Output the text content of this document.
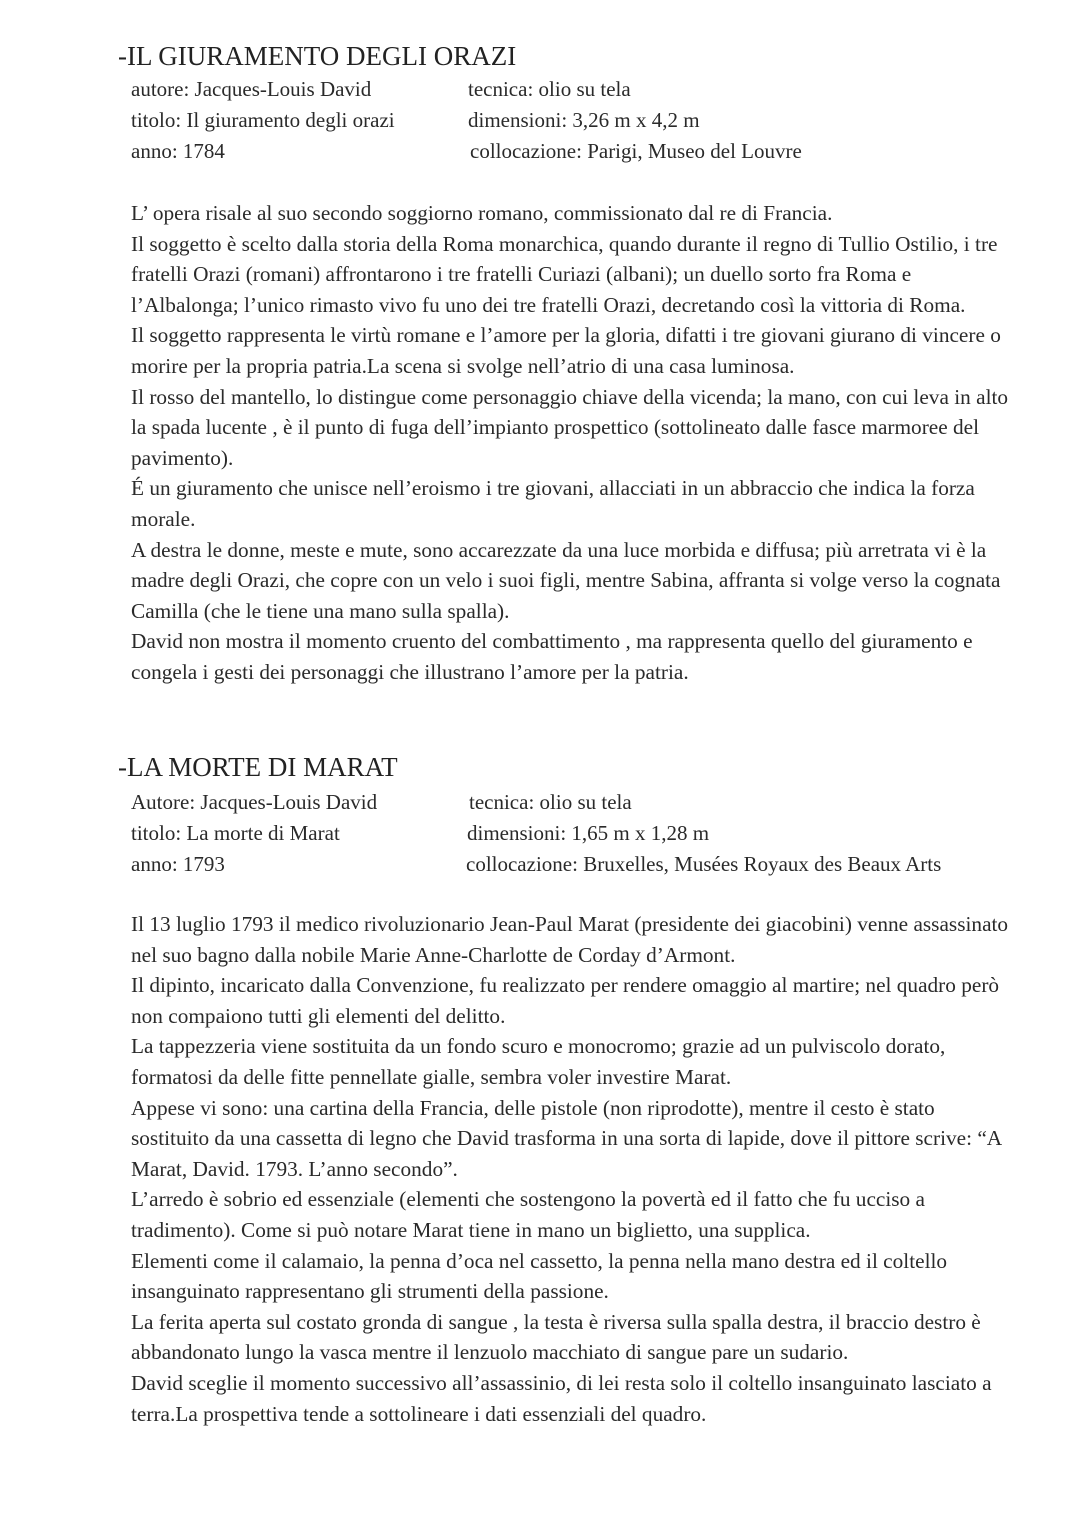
-IL GIURAMENTO DEGLI ORAZI
autore: Jacques-Louis David	tecnica: olio su tela
titolo: Il giuramento degli orazi	dimensioni: 3,26 m x 4,2 m
anno: 1784	collocazione: Parigi, Museo del Louvre

L’ opera risale al suo secondo soggiorno romano, commissionato dal re di Francia.

Il soggetto è scelto dalla storia della Roma monarchica, quando durante il regno di Tullio Ostilio, i tre fratelli Orazi (romani) affrontarono i tre fratelli Curiazi (albani); un duello sorto fra Roma e l’Albalonga; l’unico rimasto vivo fu uno dei tre fratelli Orazi, decretando così la vittoria di Roma.

Il soggetto rappresenta le virtù romane e l’amore per la gloria, difatti i tre giovani giurano di vincere o morire per la propria patria.La scena si svolge nell’atrio di una casa luminosa.

Il rosso del mantello, lo distingue come personaggio chiave della vicenda; la mano, con cui leva in alto la spada lucente , è il punto di fuga dell’impianto prospettico (sottolineato dalle fasce marmoree del pavimento).

É un giuramento che unisce nell’eroismo i tre giovani, allacciati in un abbraccio che indica la forza morale.

A destra le donne, meste e mute, sono accarezzate da una luce morbida e diffusa; più arretrata vi è la madre degli Orazi, che copre con un velo i suoi figli, mentre Sabina, affranta si volge verso la cognata Camilla (che le tiene una mano sulla spalla).

David non mostra il momento cruento del combattimento , ma rappresenta quello del giuramento e congela i gesti dei personaggi che illustrano l’amore per la patria.

-LA MORTE DI MARAT
Autore: Jacques-Louis David	tecnica: olio su tela
titolo: La morte di Marat	dimensioni: 1,65 m x 1,28 m
anno: 1793	collocazione: Bruxelles, Musées Royaux des Beaux Arts

Il 13 luglio 1793 il medico rivoluzionario Jean-Paul Marat (presidente dei giacobini) venne assassinato nel suo bagno dalla nobile Marie Anne-Charlotte de Corday d’Armont.

Il dipinto, incaricato dalla Convenzione, fu realizzato per rendere omaggio al martire; nel quadro però non compaiono tutti gli elementi del delitto.

La tappezzeria viene sostituita da un fondo scuro e monocromo; grazie ad un pulviscolo dorato, formatosi da delle fitte pennellate gialle, sembra voler investire Marat.

Appese vi sono: una cartina della Francia, delle pistole (non riprodotte), mentre il cesto è stato sostituito da una cassetta di legno che David trasforma in una sorta di lapide, dove il pittore scrive: “A Marat, David. 1793. L’anno secondo”.

L’arredo è sobrio ed essenziale (elementi che sostengono la povertà ed il fatto che fu ucciso a tradimento). Come si può notare Marat tiene in mano un biglietto, una supplica.

Elementi come il calamaio, la penna d’oca nel cassetto, la penna nella mano destra ed il coltello insanguinato rappresentano gli strumenti della passione.

La ferita aperta sul costato gronda di sangue , la testa è riversa sulla spalla destra, il braccio destro è abbandonato lungo la vasca mentre il lenzuolo macchiato di sangue pare un sudario.

David sceglie il momento successivo all’assassinio, di lei resta solo il coltello insanguinato lasciato a terra.La prospettiva tende a sottolineare i dati essenziali del quadro.
